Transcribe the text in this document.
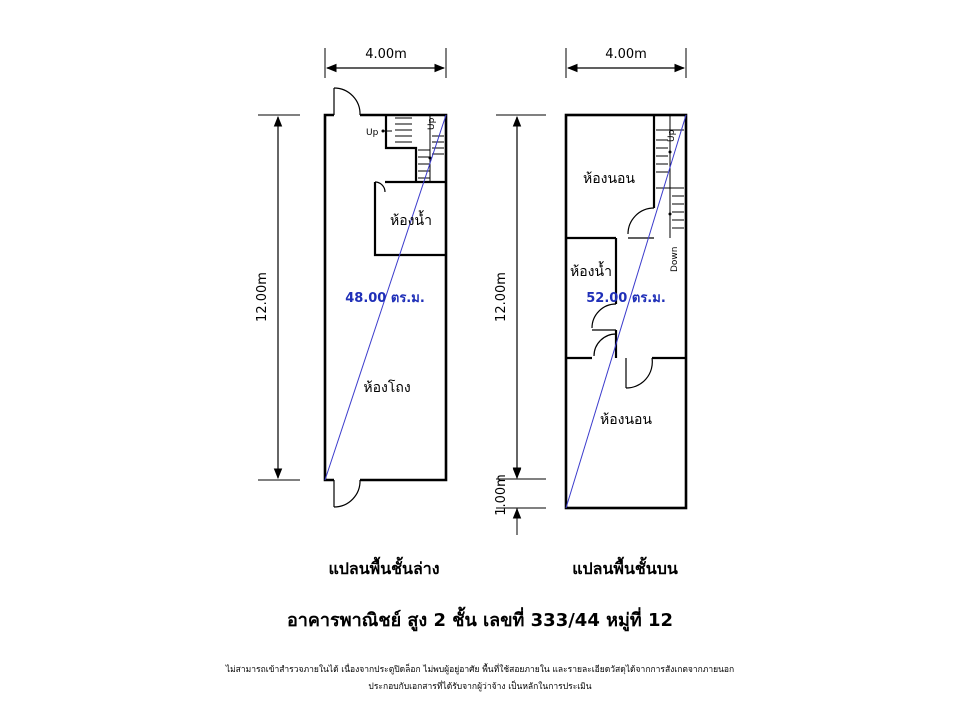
4.00m
12.00m
Up
Up
ห้องน้ำ
48.00 ตร.ม.
ห้องโถง
4.00m
12.00m
1.00m
Up
Down
ห้องนอน
ห้องน้ำ
52.00 ตร.ม.
ห้องนอน
แปลนพื้นชั้นล่าง	แปลนพื้นชั้นบน
อาคารพาณิชย์ สูง 2 ชั้น เลขที่ 333/44 หมู่ที่ 12
ไม่สามารถเข้าสำรวจภายในได้ เนื่องจากประตูปิดล็อก ไม่พบผู้อยู่อาศัย พื้นที่ใช้สอยภายใน และรายละเอียดวัสดุได้จากการสังเกตจากภายนอก
ประกอบกับเอกสารที่ได้รับจากผู้ว่าจ้าง เป็นหลักในการประเมิน
